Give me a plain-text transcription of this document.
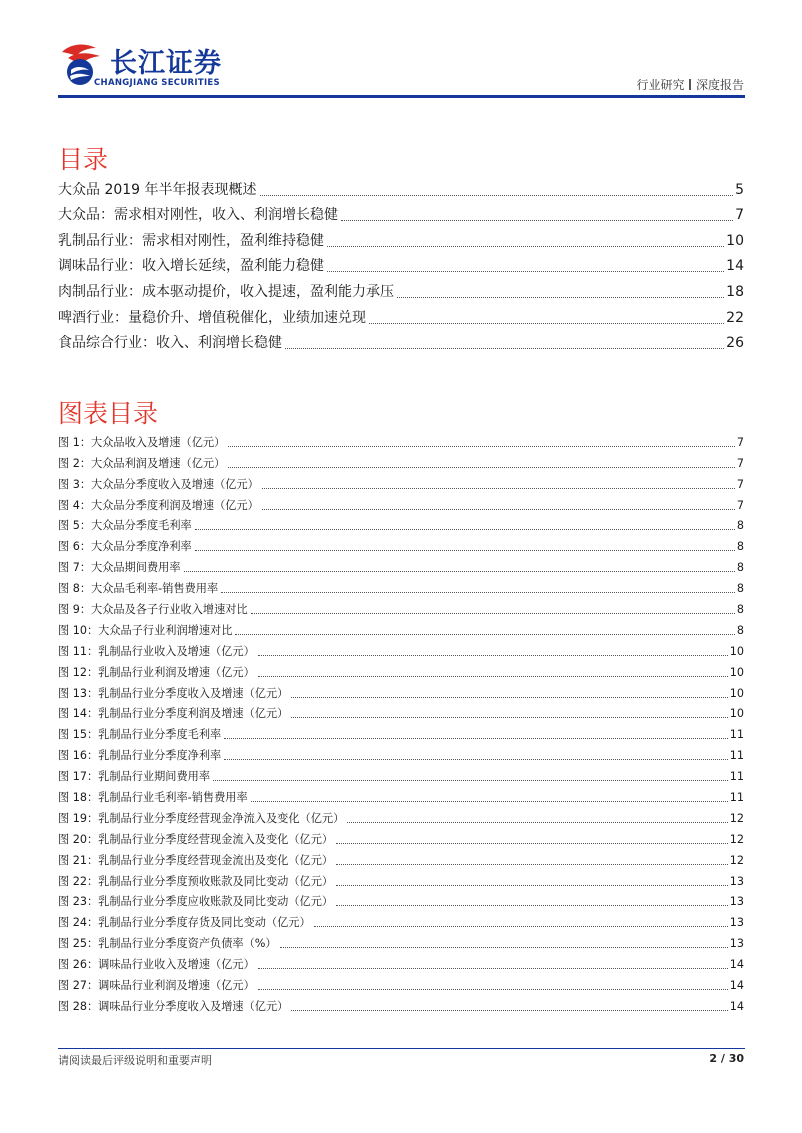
长江证券
CHANGJIANG SECURITIES	行业研究 深度报告
目录
大众品 2019 年半年报表现概述	5
大众品：需求相对刚性，收入、利润增长稳健	7
乳制品行业：需求相对刚性，盈利维持稳健	10
调味品行业：收入增长延续，盈利能力稳健	14
肉制品行业：成本驱动提价，收入提速，盈利能力承压	18
啤酒行业：量稳价升、增值税催化，业绩加速兑现	22
食品综合行业：收入、利润增长稳健	26
图表目录
图 1：大众品收入及增速（亿元）	7
图 2：大众品利润及增速（亿元）	7
图 3：大众品分季度收入及增速（亿元）	7
图 4：大众品分季度利润及增速（亿元）	7
图 5：大众品分季度毛利率	8
图 6：大众品分季度净利率	8
图 7：大众品期间费用率	8
图 8：大众品毛利率-销售费用率	8
图 9：大众品及各子行业收入增速对比	8
图 10：大众品子行业利润增速对比	8
图 11：乳制品行业收入及增速（亿元）	10
图 12：乳制品行业利润及增速（亿元）	10
图 13：乳制品行业分季度收入及增速（亿元）	10
图 14：乳制品行业分季度利润及增速（亿元）	10
图 15：乳制品行业分季度毛利率	11
图 16：乳制品行业分季度净利率	11
图 17：乳制品行业期间费用率	11
图 18：乳制品行业毛利率-销售费用率	11
图 19：乳制品行业分季度经营现金净流入及变化（亿元）	12
图 20：乳制品行业分季度经营现金流入及变化（亿元）	12
图 21：乳制品行业分季度经营现金流出及变化（亿元）	12
图 22：乳制品行业分季度预收账款及同比变动（亿元）	13
图 23：乳制品行业分季度应收账款及同比变动（亿元）	13
图 24：乳制品行业分季度存货及同比变动（亿元）	13
图 25：乳制品行业分季度资产负债率（%）	13
图 26：调味品行业收入及增速（亿元）	14
图 27：调味品行业利润及增速（亿元）	14
图 28：调味品行业分季度收入及增速（亿元）	14
请阅读最后评级说明和重要声明	2 / 30
